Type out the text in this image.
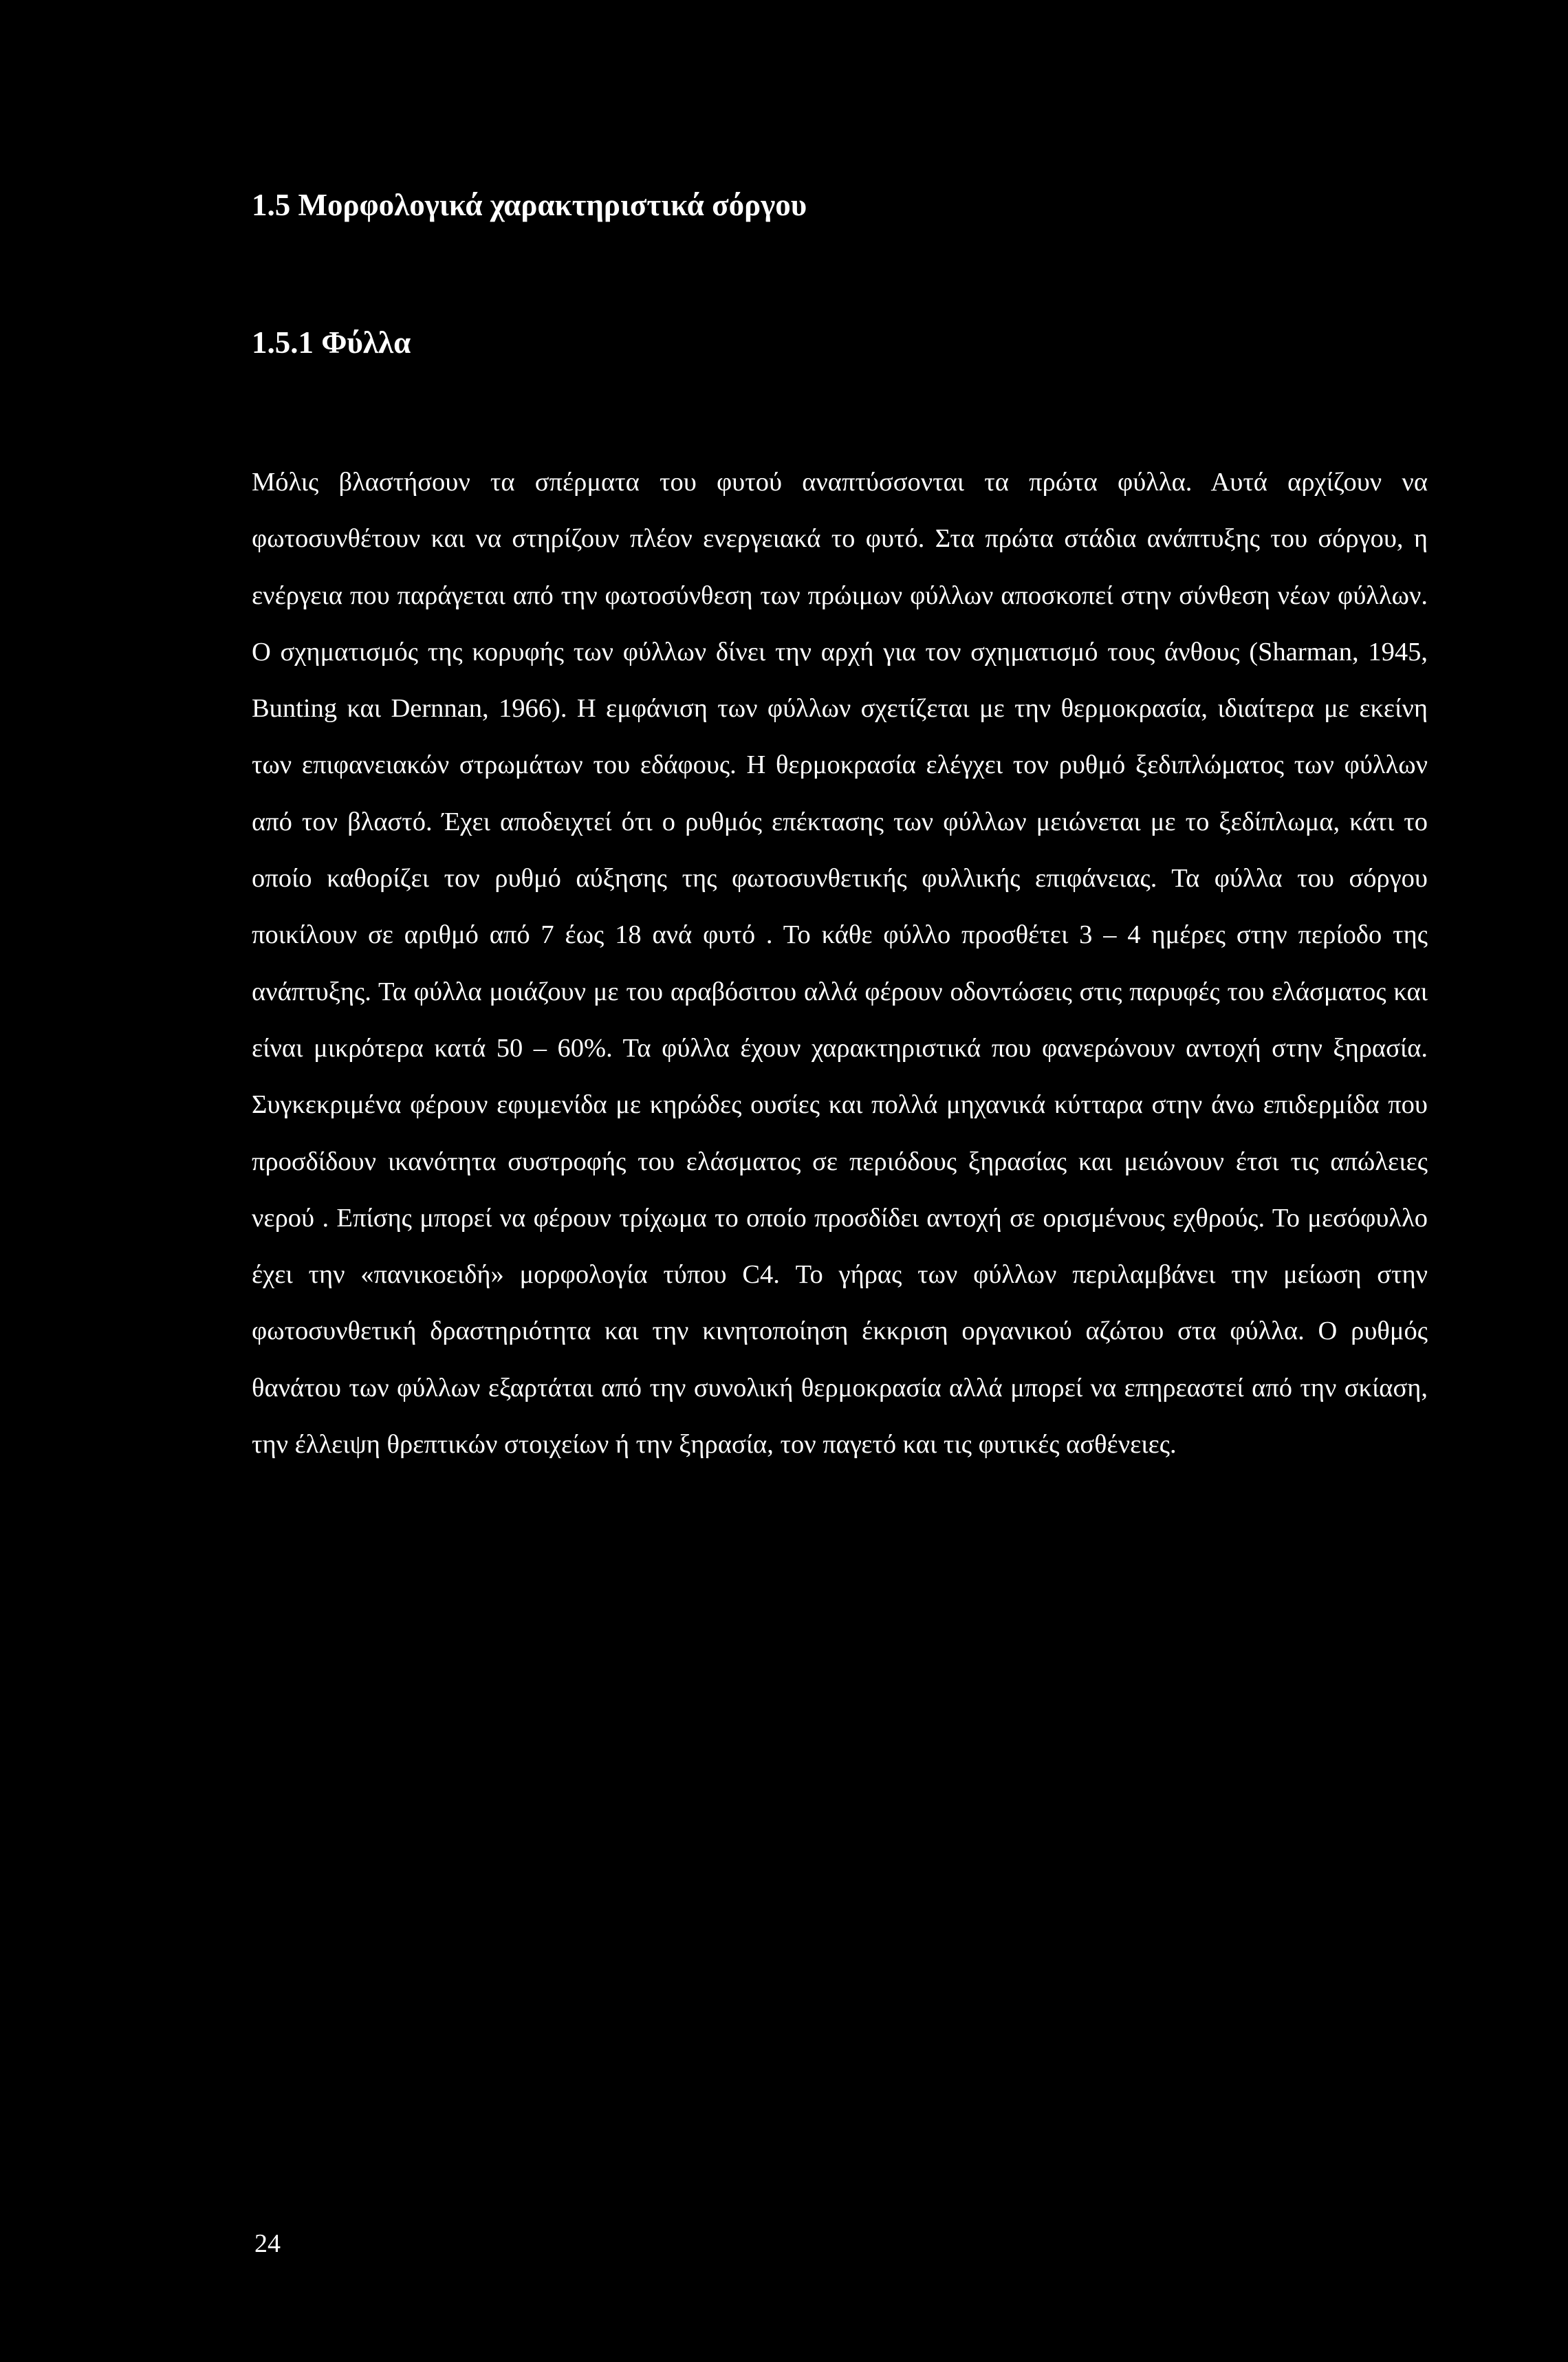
1.5 Μορφολογικά χαρακτηριστικά σόργου
1.5.1 Φύλλα

Μόλις βλαστήσουν τα σπέρματα του φυτού αναπτύσσονται τα πρώτα φύλλα. Αυτά αρχίζουν να φωτοσυνθέτουν και να στηρίζουν πλέον ενεργειακά το φυτό. Στα πρώτα στάδια ανάπτυξης του σόργου, η ενέργεια που παράγεται από την φωτοσύνθεση των πρώιμων φύλλων αποσκοπεί στην σύνθεση νέων φύλλων. Ο σχηματισμός της κορυφής των φύλλων δίνει την αρχή για τον σχηματισμό τους άνθους (Sharman, 1945, Bunting και Dernnan, 1966). Η εμφάνιση των φύλλων σχετίζεται με την θερμοκρασία, ιδιαίτερα με εκείνη των επιφανειακών στρωμάτων του εδάφους. Η θερμοκρασία ελέγχει τον ρυθμό ξεδιπλώματος των φύλλων από τον βλαστό. Έχει αποδειχτεί ότι ο ρυθμός επέκτασης των φύλλων μειώνεται με το ξεδίπλωμα, κάτι το οποίο καθορίζει τον ρυθμό αύξησης της φωτοσυνθετικής φυλλικής επιφάνειας. Τα φύλλα του σόργου ποικίλουν σε αριθμό από 7 έως 18 ανά φυτό . Το κάθε φύλλο προσθέτει 3 – 4 ημέρες στην περίοδο της ανάπτυξης. Τα φύλλα μοιάζουν με του αραβόσιτου αλλά φέρουν οδοντώσεις στις παρυφές του ελάσματος και είναι μικρότερα κατά 50 – 60%. Τα φύλλα έχουν χαρακτηριστικά που φανερώνουν αντοχή στην ξηρασία. Συγκεκριμένα φέρουν εφυμενίδα με κηρώδες ουσίες και πολλά μηχανικά κύτταρα στην άνω επιδερμίδα που προσδίδουν ικανότητα συστροφής του ελάσματος σε περιόδους ξηρασίας και μειώνουν έτσι τις απώλειες νερού . Επίσης μπορεί να φέρουν τρίχωμα το οποίο προσδίδει αντοχή σε ορισμένους εχθρούς. Το μεσόφυλλο έχει την «πανικοειδή» μορφολογία τύπου C4. Το γήρας των φύλλων περιλαμβάνει την μείωση στην φωτοσυνθετική δραστηριότητα και την κινητοποίηση έκκριση οργανικού αζώτου στα φύλλα. Ο ρυθμός θανάτου των φύλλων εξαρτάται από την συνολική θερμοκρασία αλλά μπορεί να επηρεαστεί από την σκίαση, την έλλειψη θρεπτικών στοιχείων ή την ξηρασία, τον παγετό και τις φυτικές ασθένειες.

24
